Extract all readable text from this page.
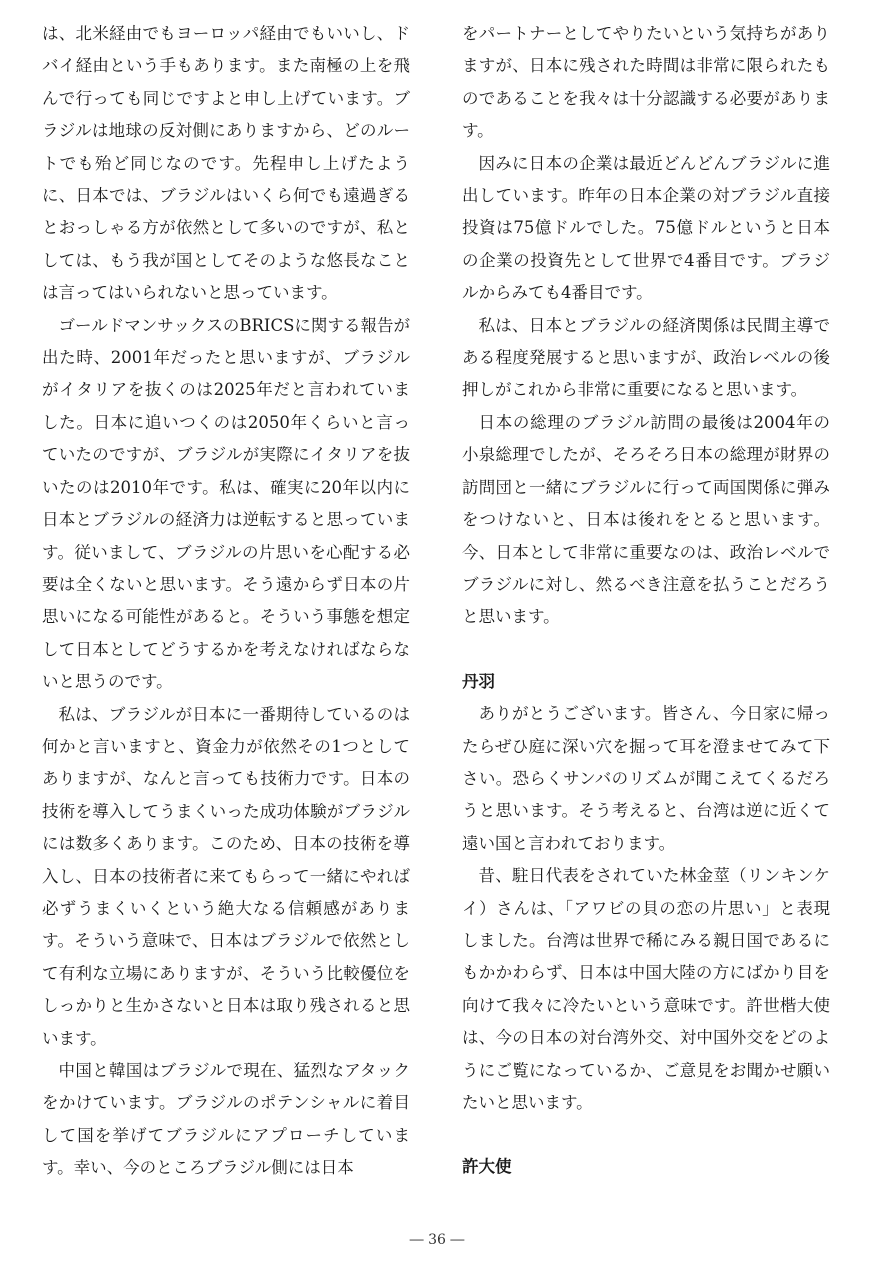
は、北米経由でもヨーロッパ経由でもいいし、ドバイ経由という手もあります。また南極の上を飛んで行っても同じですよと申し上げています。ブラジルは地球の反対側にありますから、どのルートでも殆ど同じなのです。先程申し上げたように、日本では、ブラジルはいくら何でも遠過ぎるとおっしゃる方が依然として多いのですが、私としては、もう我が国としてそのような悠長なことは言ってはいられないと思っています。

ゴールドマンサックスのBRICSに関する報告が出た時、2001年だったと思いますが、ブラジルがイタリアを抜くのは2025年だと言われていました。日本に追いつくのは2050年くらいと言っていたのですが、ブラジルが実際にイタリアを抜いたのは2010年です。私は、確実に20年以内に日本とブラジルの経済力は逆転すると思っています。従いまして、ブラジルの片思いを心配する必要は全くないと思います。そう遠からず日本の片思いになる可能性があると。そういう事態を想定して日本としてどうするかを考えなければならないと思うのです。

私は、ブラジルが日本に一番期待しているのは何かと言いますと、資金力が依然その1つとしてありますが、なんと言っても技術力です。日本の技術を導入してうまくいった成功体験がブラジルには数多くあります。このため、日本の技術を導入し、日本の技術者に来てもらって一緒にやれば必ずうまくいくという絶大なる信頼感があります。そういう意味で、日本はブラジルで依然として有利な立場にありますが、そういう比較優位をしっかりと生かさないと日本は取り残されると思います。

中国と韓国はブラジルで現在、猛烈なアタックをかけています。ブラジルのポテンシャルに着目して国を挙げてブラジルにアプローチしています。幸い、今のところブラジル側には日本

をパートナーとしてやりたいという気持ちがありますが、日本に残された時間は非常に限られたものであることを我々は十分認識する必要があります。

因みに日本の企業は最近どんどんブラジルに進出しています。昨年の日本企業の対ブラジル直接投資は75億ドルでした。75億ドルというと日本の企業の投資先として世界で4番目です。ブラジルからみても4番目です。

私は、日本とブラジルの経済関係は民間主導である程度発展すると思いますが、政治レベルの後押しがこれから非常に重要になると思います。

日本の総理のブラジル訪問の最後は2004年の小泉総理でしたが、そろそろ日本の総理が財界の訪問団と一緒にブラジルに行って両国関係に弾みをつけないと、日本は後れをとると思います。今、日本として非常に重要なのは、政治レベルでブラジルに対し、然るべき注意を払うことだろうと思います。

丹羽

ありがとうございます。皆さん、今日家に帰ったらぜひ庭に深い穴を掘って耳を澄ませてみて下さい。恐らくサンバのリズムが聞こえてくるだろうと思います。そう考えると、台湾は逆に近くて遠い国と言われております。

昔、駐日代表をされていた林金莖（リンキンケイ）さんは、「アワビの貝の恋の片思い」と表現しました。台湾は世界で稀にみる親日国であるにもかかわらず、日本は中国大陸の方にばかり目を向けて我々に冷たいという意味です。許世楷大使は、今の日本の対台湾外交、対中国外交をどのようにご覧になっているか、ご意見をお聞かせ願いたいと思います。

許大使

― 36 ―
